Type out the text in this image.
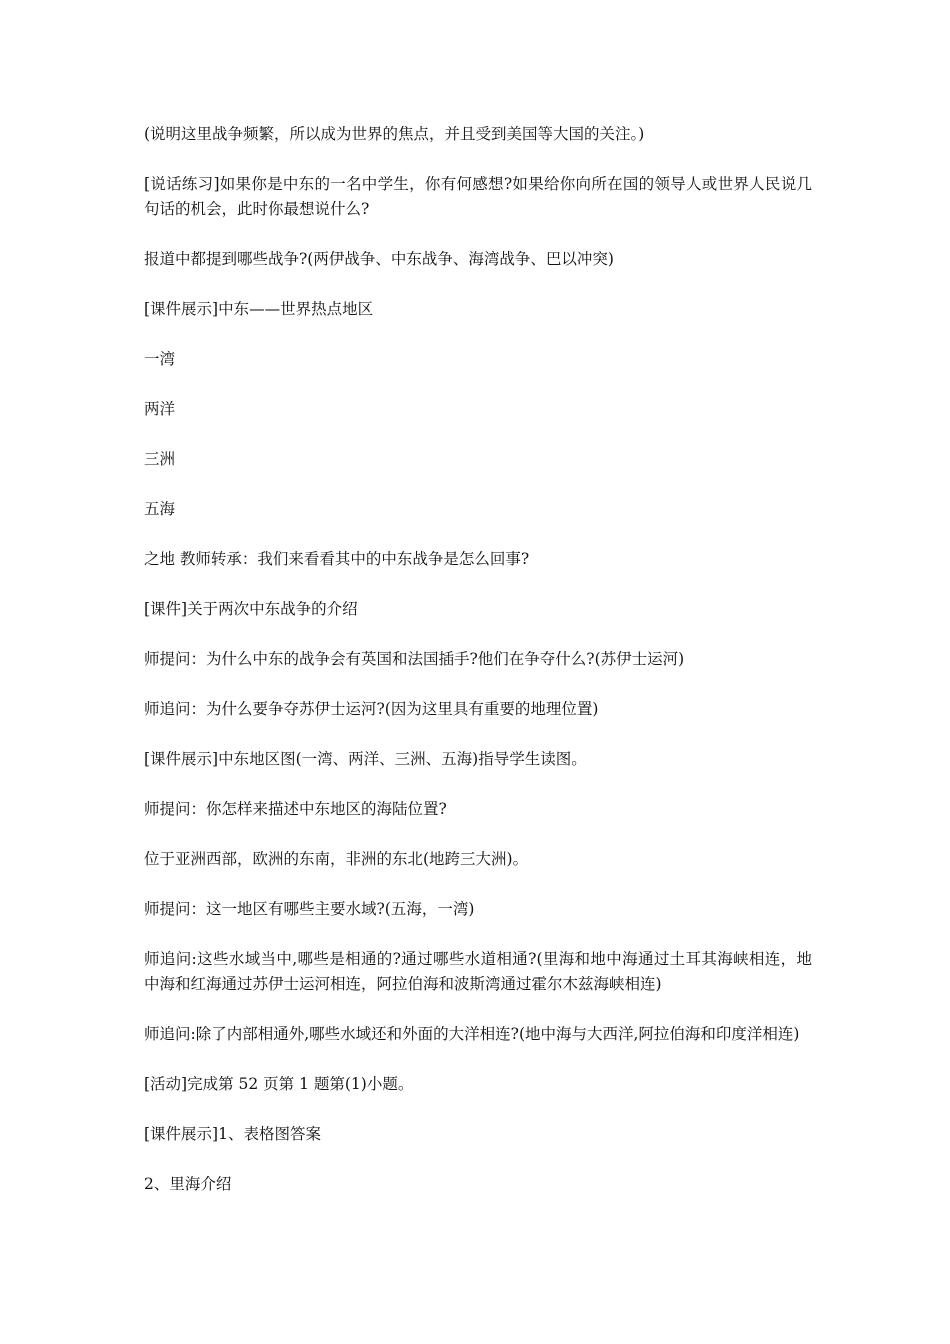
(说明这里战争频繁，所以成为世界的焦点，并且受到美国等大国的关注。)

[说话练习]如果你是中东的一名中学生，你有何感想?如果给你向所在国的领导人或世界人民说几句话的机会，此时你最想说什么?

报道中都提到哪些战争?(两伊战争、中东战争、海湾战争、巴以冲突)

[课件展示]中东——世界热点地区

一湾

两洋

三洲

五海

之地 教师转承：我们来看看其中的中东战争是怎么回事?

[课件]关于两次中东战争的介绍

师提问：为什么中东的战争会有英国和法国插手?他们在争夺什么?(苏伊士运河)

师追问：为什么要争夺苏伊士运河?(因为这里具有重要的地理位置)

[课件展示]中东地区图(一湾、两洋、三洲、五海)指导学生读图。

师提问：你怎样来描述中东地区的海陆位置?

位于亚洲西部，欧洲的东南，非洲的东北(地跨三大洲)。

师提问：这一地区有哪些主要水域?(五海，一湾)

师追问:这些水域当中,哪些是相通的?通过哪些水道相通?(里海和地中海通过土耳其海峡相连，地中海和红海通过苏伊士运河相连，阿拉伯海和波斯湾通过霍尔木兹海峡相连)

师追问:除了内部相通外,哪些水域还和外面的大洋相连?(地中海与大西洋,阿拉伯海和印度洋相连)

[活动]完成第 52 页第 1 题第(1)小题。

[课件展示]1、表格图答案

2、里海介绍
